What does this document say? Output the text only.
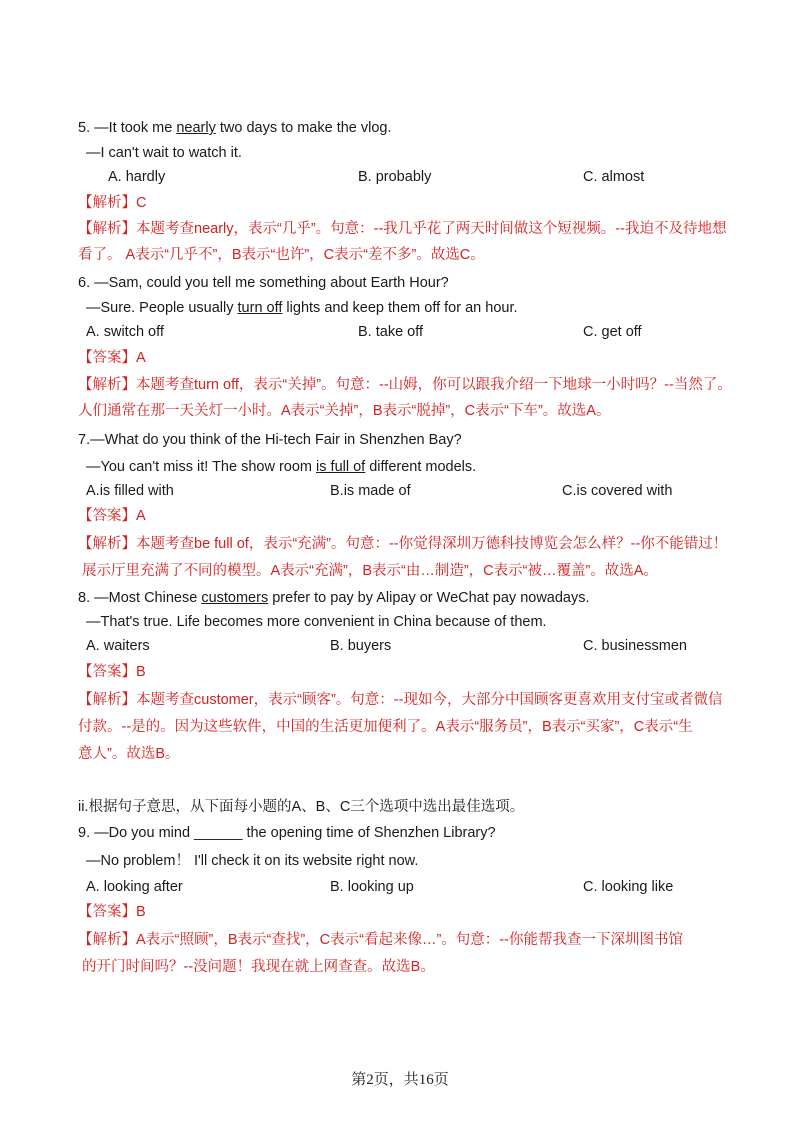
5. —It took me nearly two days to make the vlog.
—I can't wait to watch it.
A. hardly	B. probably	C. almost
【解析】C
【解析】本题考查nearly，表示“几乎”。句意：--我几乎花了两天时间做这个短视频。--我迫不及待地想
看了。 A表示“几乎不”，B表示“也许”，C表示“差不多”。故选C。
6. —Sam, could you tell me something about Earth Hour?
—Sure. People usually turn off lights and keep them off for an hour.
A. switch off	B. take off	C. get off
【答案】A
【解析】本题考查turn off，表示“关掉”。句意：--山姆，你可以跟我介绍一下地球一小时吗？--当然了。
人们通常在那一天关灯一小时。A表示“关掉”，B表示“脱掉”，C表示“下车”。故选A。
7.—What do you think of the Hi-tech Fair in Shenzhen Bay?
—You can't miss it! The show room is full of different models.
A.is filled with	B.is made of	C.is covered with
【答案】A
【解析】本题考查be full of，表示“充满”。句意：--你觉得深圳万德科技博览会怎么样？--你不能错过！
展示厅里充满了不同的模型。A表示“充满”，B表示“由…制造”，C表示“被…覆盖”。故选A。
8. —Most Chinese customers prefer to pay by Alipay or WeChat pay nowadays.
—That's true. Life becomes more convenient in China because of them.
A. waiters	B. buyers	C. businessmen
【答案】B
【解析】本题考查customer，表示“顾客”。句意：--现如今，大部分中国顾客更喜欢用支付宝或者微信
付款。--是的。因为这些软件，中国的生活更加便利了。A表示“服务员”，B表示“买家”，C表示“生
意人”。故选B。
ii.根据句子意思，从下面每小题的A、B、C三个选项中选出最佳选项。
9. —Do you mind ______ the opening time of Shenzhen Library?
—No problem！ I'll check it on its website right now.
A. looking after	B. looking up	C. looking like
【答案】B
【解析】A表示“照顾”，B表示“查找”，C表示“看起来像…”。句意：--你能帮我查一下深圳图书馆
的开门时间吗？--没问题！我现在就上网查查。故选B。
第2页，共16页
